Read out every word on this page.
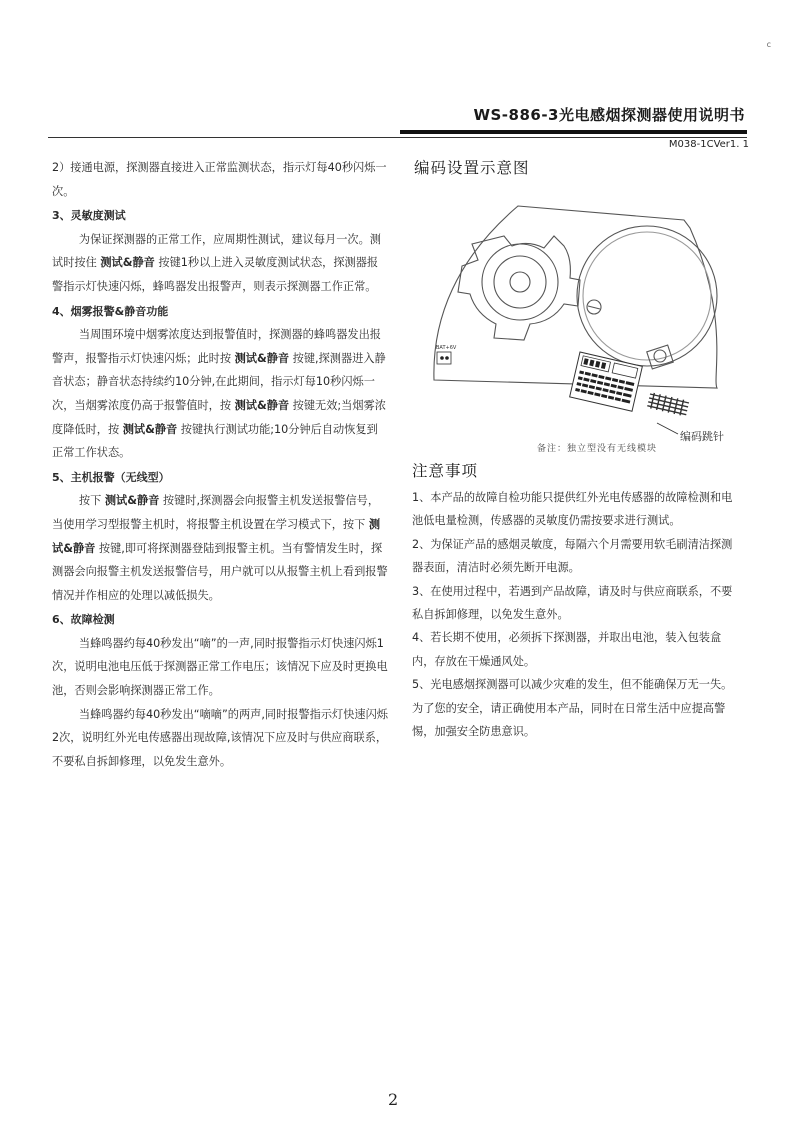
c
WS-886-3光电感烟探测器使用说明书
M038-1CVer1. 1

2）接通电源，探测器直接进入正常监测状态，指示灯每40秒闪烁一次。

3、灵敏度测试

为保证探测器的正常工作，应周期性测试，建议每月一次。测试时按住 测试&静音 按键1秒以上进入灵敏度测试状态，探测器报警指示灯快速闪烁，蜂鸣器发出报警声，则表示探测器工作正常。

4、烟雾报警&静音功能

当周围环境中烟雾浓度达到报警值时，探测器的蜂鸣器发出报警声，报警指示灯快速闪烁；此时按 测试&静音 按键,探测器进入静音状态；静音状态持续约10分钟,在此期间，指示灯每10秒闪烁一次，当烟雾浓度仍高于报警值时，按 测试&静音 按键无效;当烟雾浓度降低时，按 测试&静音 按键执行测试功能;10分钟后自动恢复到正常工作状态。

5、主机报警（无线型）

按下 测试&静音 按键时,探测器会向报警主机发送报警信号，当使用学习型报警主机时，将报警主机设置在学习模式下，按下 测试&静音 按键,即可将探测器登陆到报警主机。当有警情发生时，探测器会向报警主机发送报警信号，用户就可以从报警主机上看到报警情况并作相应的处理以减低损失。

6、故障检测

当蜂鸣器约每40秒发出“嘀”的一声,同时报警指示灯快速闪烁1次，说明电池电压低于探测器正常工作电压；该情况下应及时更换电池，否则会影响探测器正常工作。

当蜂鸣器约每40秒发出“嘀嘀”的两声,同时报警指示灯快速闪烁2次，说明红外光电传感器出现故障,该情况下应及时与供应商联系，不要私自拆卸修理，以免发生意外。

编码设置示意图
BAT+6V
编码跳针
备注：独立型没有无线模块
注意事项

1、本产品的故障自检功能只提供红外光电传感器的故障检测和电池低电量检测，传感器的灵敏度仍需按要求进行测试。

2、为保证产品的感烟灵敏度，每隔六个月需要用软毛刷清洁探测器表面，清洁时必须先断开电源。

3、在使用过程中，若遇到产品故障，请及时与供应商联系，不要私自拆卸修理，以免发生意外。

4、若长期不使用，必须拆下探测器，并取出电池，装入包装盒内，存放在干燥通风处。

5、光电感烟探测器可以减少灾难的发生，但不能确保万无一失。为了您的安全，请正确使用本产品，同时在日常生活中应提高警惕，加强安全防患意识。

2
